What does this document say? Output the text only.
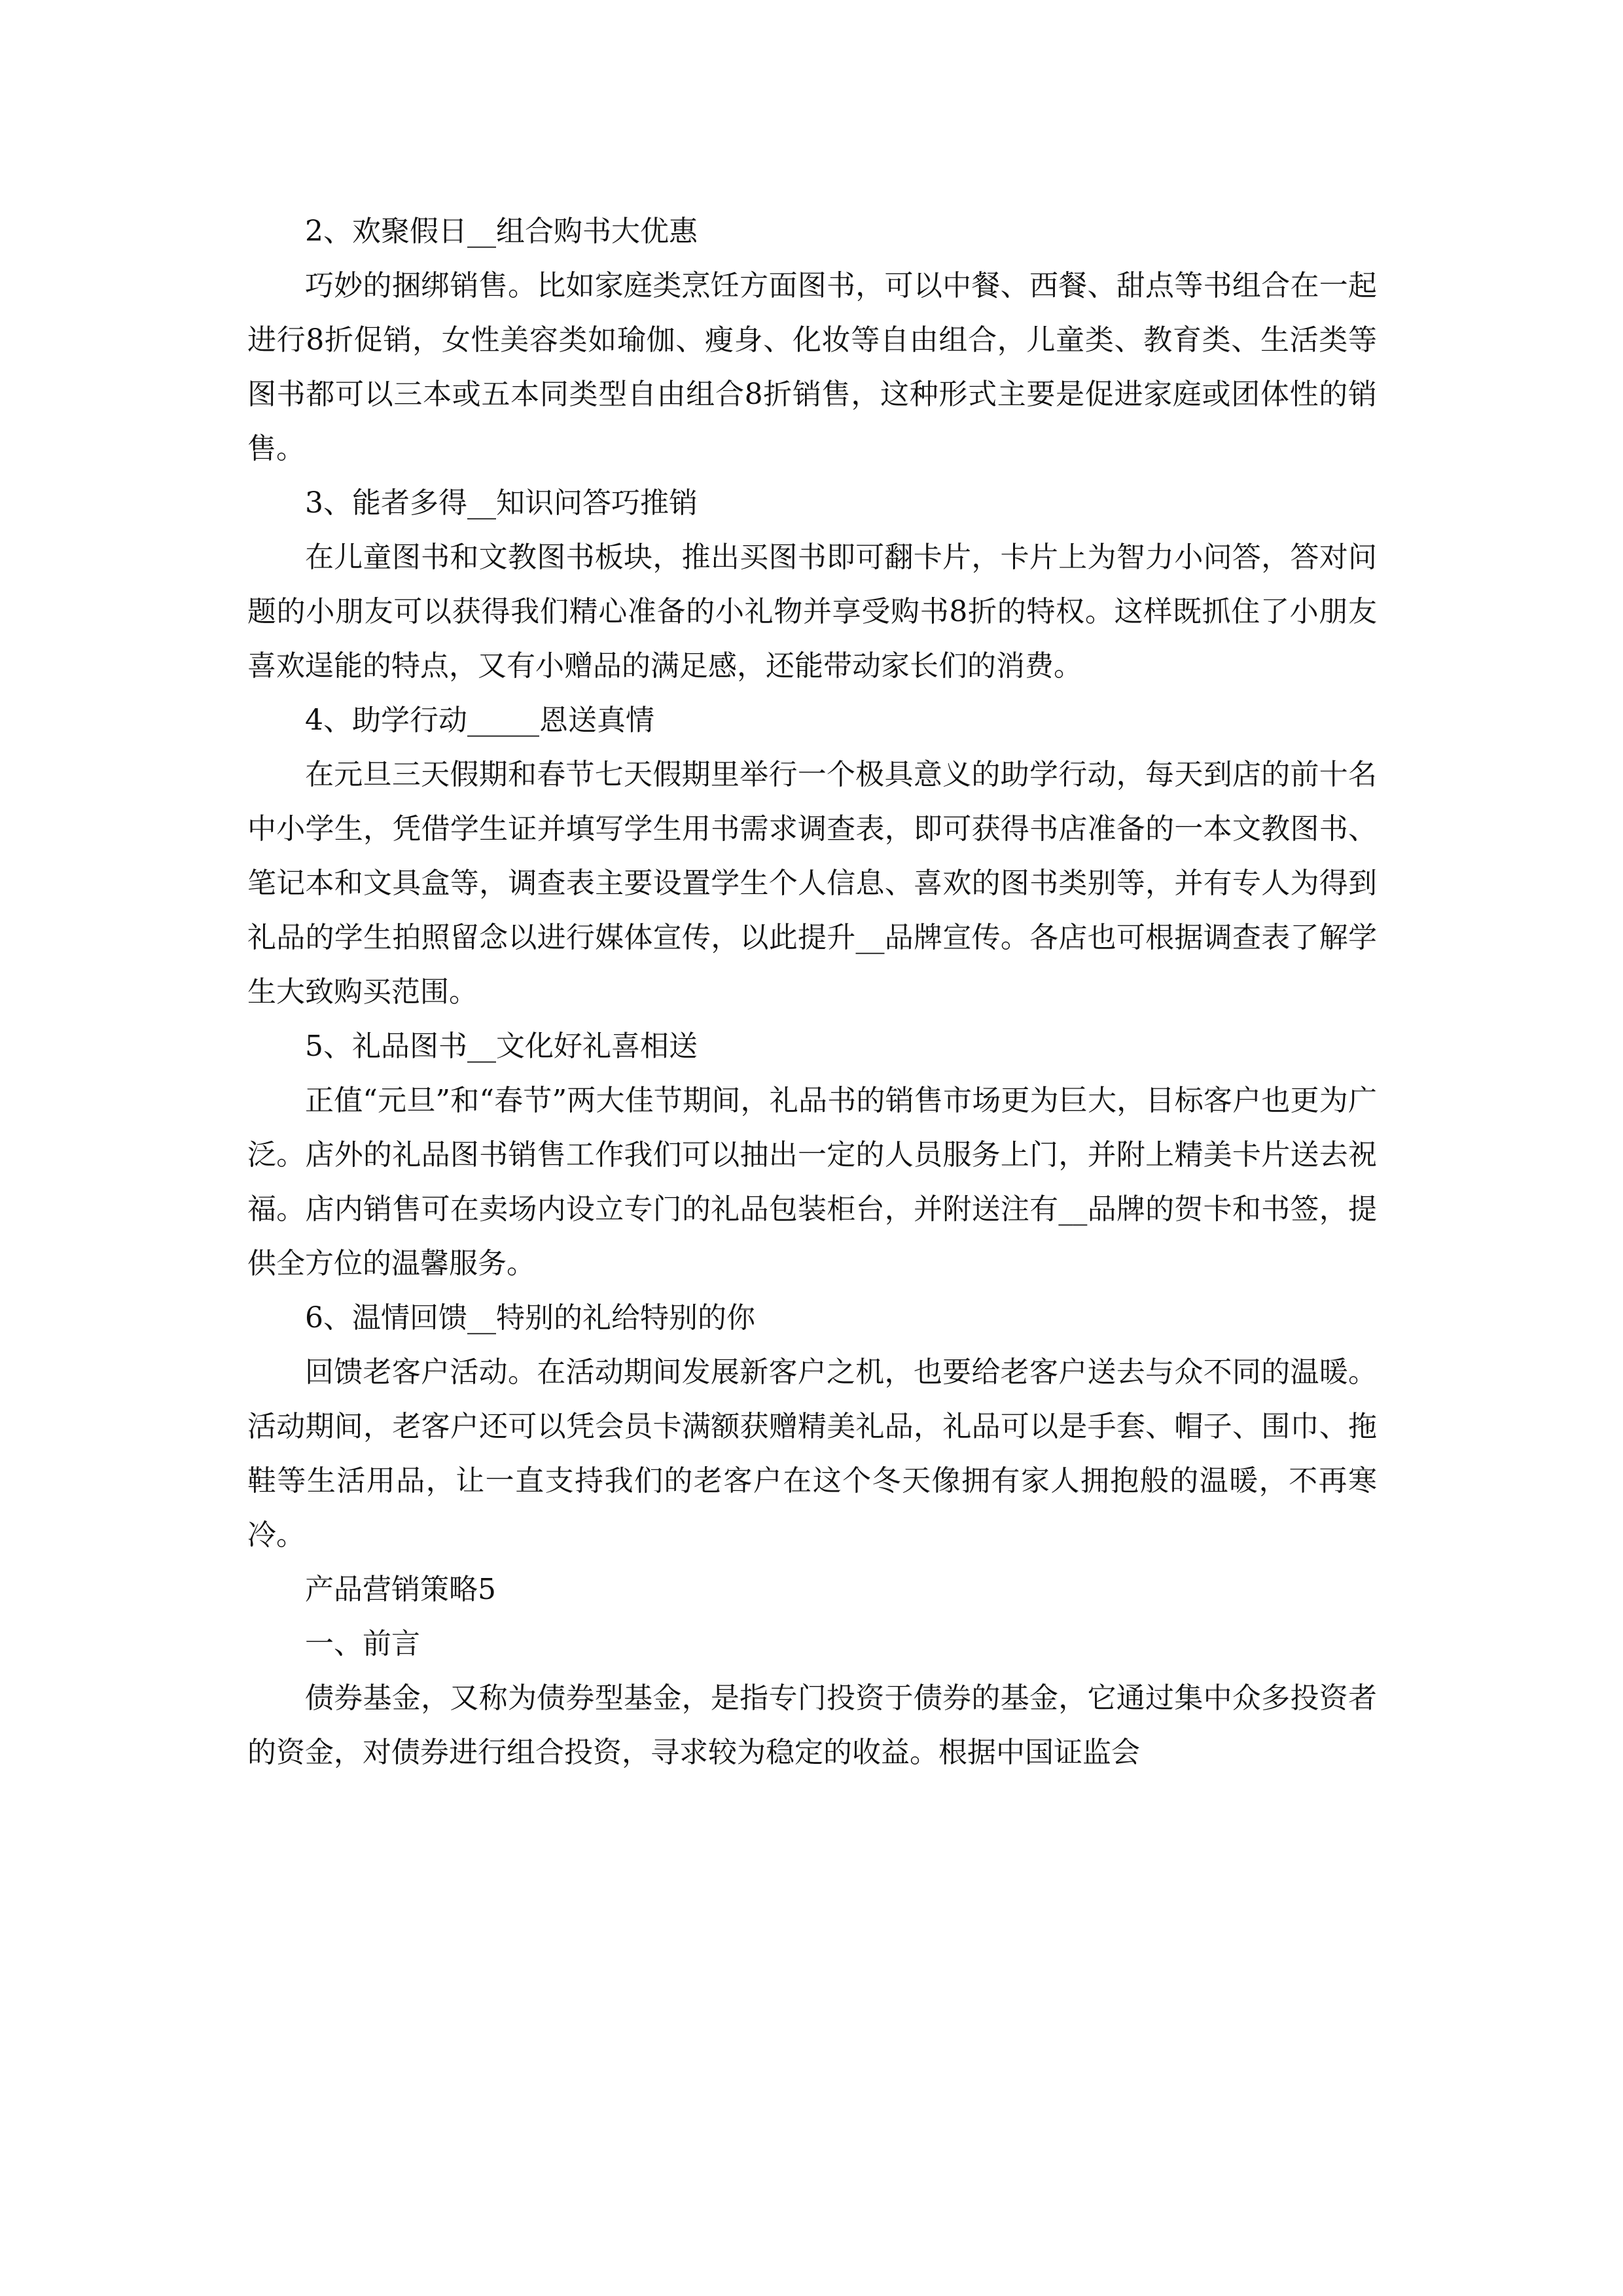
2、欢聚假日__组合购书大优惠

巧妙的捆绑销售。比如家庭类烹饪方面图书，可以中餐、西餐、甜点等书组合在一起进行8折促销，女性美容类如瑜伽、瘦身、化妆等自由组合，儿童类、教育类、生活类等图书都可以三本或五本同类型自由组合8折销售，这种形式主要是促进家庭或团体性的销售。

3、能者多得__知识问答巧推销

在儿童图书和文教图书板块，推出买图书即可翻卡片，卡片上为智力小问答，答对问题的小朋友可以获得我们精心准备的小礼物并享受购书8折的特权。这样既抓住了小朋友喜欢逞能的特点，又有小赠品的满足感，还能带动家长们的消费。

4、助学行动_____恩送真情

在元旦三天假期和春节七天假期里举行一个极具意义的助学行动，每天到店的前十名中小学生，凭借学生证并填写学生用书需求调查表，即可获得书店准备的一本文教图书、笔记本和文具盒等，调查表主要设置学生个人信息、喜欢的图书类别等，并有专人为得到礼品的学生拍照留念以进行媒体宣传，以此提升__品牌宣传。各店也可根据调查表了解学生大致购买范围。

5、礼品图书__文化好礼喜相送

正值“元旦”和“春节”两大佳节期间，礼品书的销售市场更为巨大，目标客户也更为广泛。店外的礼品图书销售工作我们可以抽出一定的人员服务上门，并附上精美卡片送去祝福。店内销售可在卖场内设立专门的礼品包装柜台，并附送注有__品牌的贺卡和书签，提供全方位的温馨服务。

6、温情回馈__特别的礼给特别的你

回馈老客户活动。在活动期间发展新客户之机，也要给老客户送去与众不同的温暖。活动期间，老客户还可以凭会员卡满额获赠精美礼品，礼品可以是手套、帽子、围巾、拖鞋等生活用品，让一直支持我们的老客户在这个冬天像拥有家人拥抱般的温暖，不再寒冷。

产品营销策略5

一、前言

债券基金，又称为债券型基金，是指专门投资于债券的基金，它通过集中众多投资者的资金，对债券进行组合投资，寻求较为稳定的收益。根据中国证监会
